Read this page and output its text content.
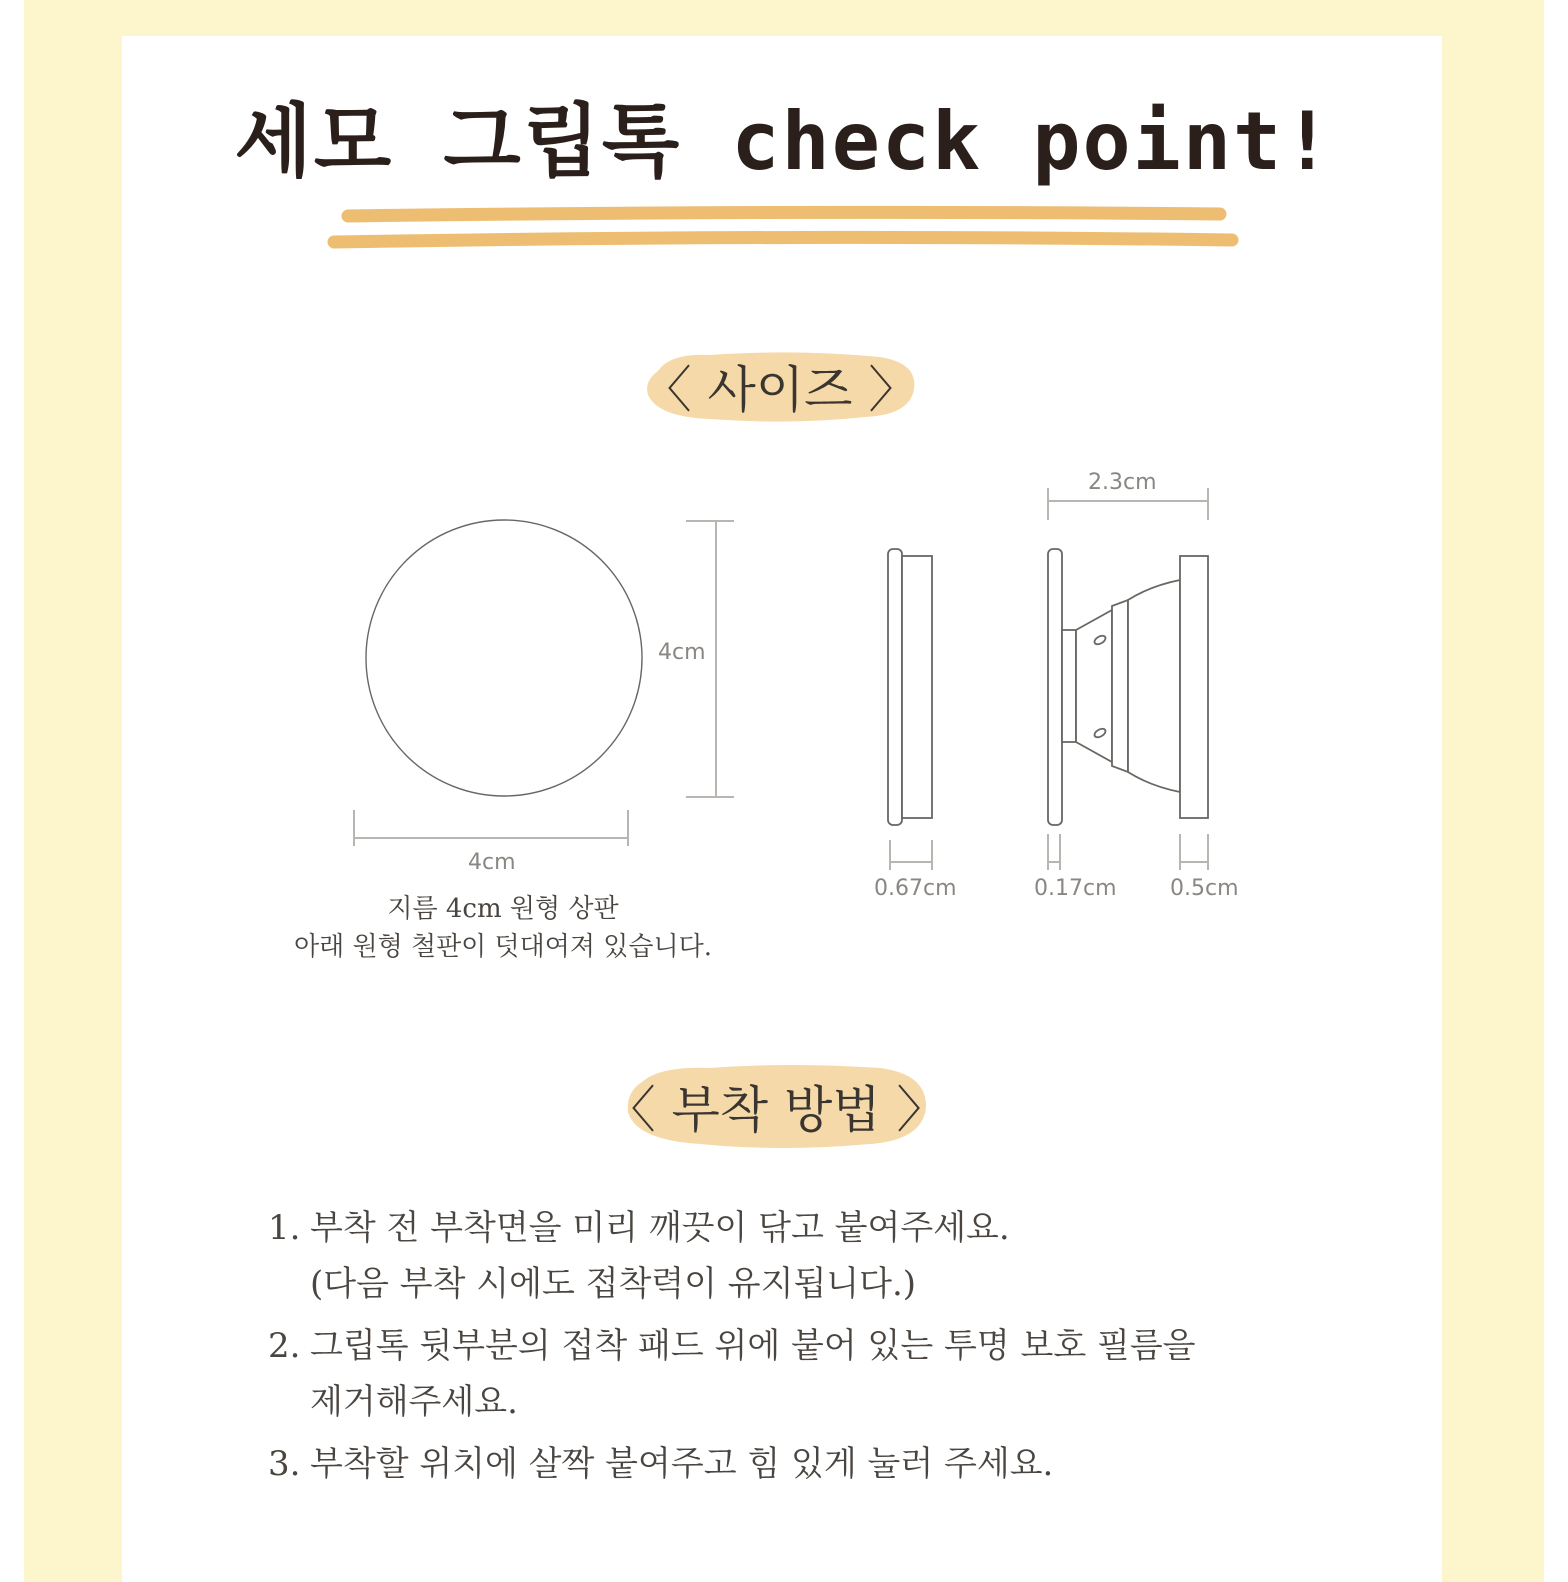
세모 그립톡 check point!
〈 사이즈 〉
4cm
4cm
2.3cm
0.67cm	0.17cm 0.5cm
지름 4cm 원형 상판
아래 원형 철판이 덧대여져 있습니다.
〈 부착 방법 〉
1. 부착 전 부착면을 미리 깨끗이 닦고 붙여주세요.
(다음 부착 시에도 접착력이 유지됩니다.)
2. 그립톡 뒷부분의 접착 패드 위에 붙어 있는 투명 보호 필름을
제거해주세요.
3. 부착할 위치에 살짝 붙여주고 힘 있게 눌러 주세요.
